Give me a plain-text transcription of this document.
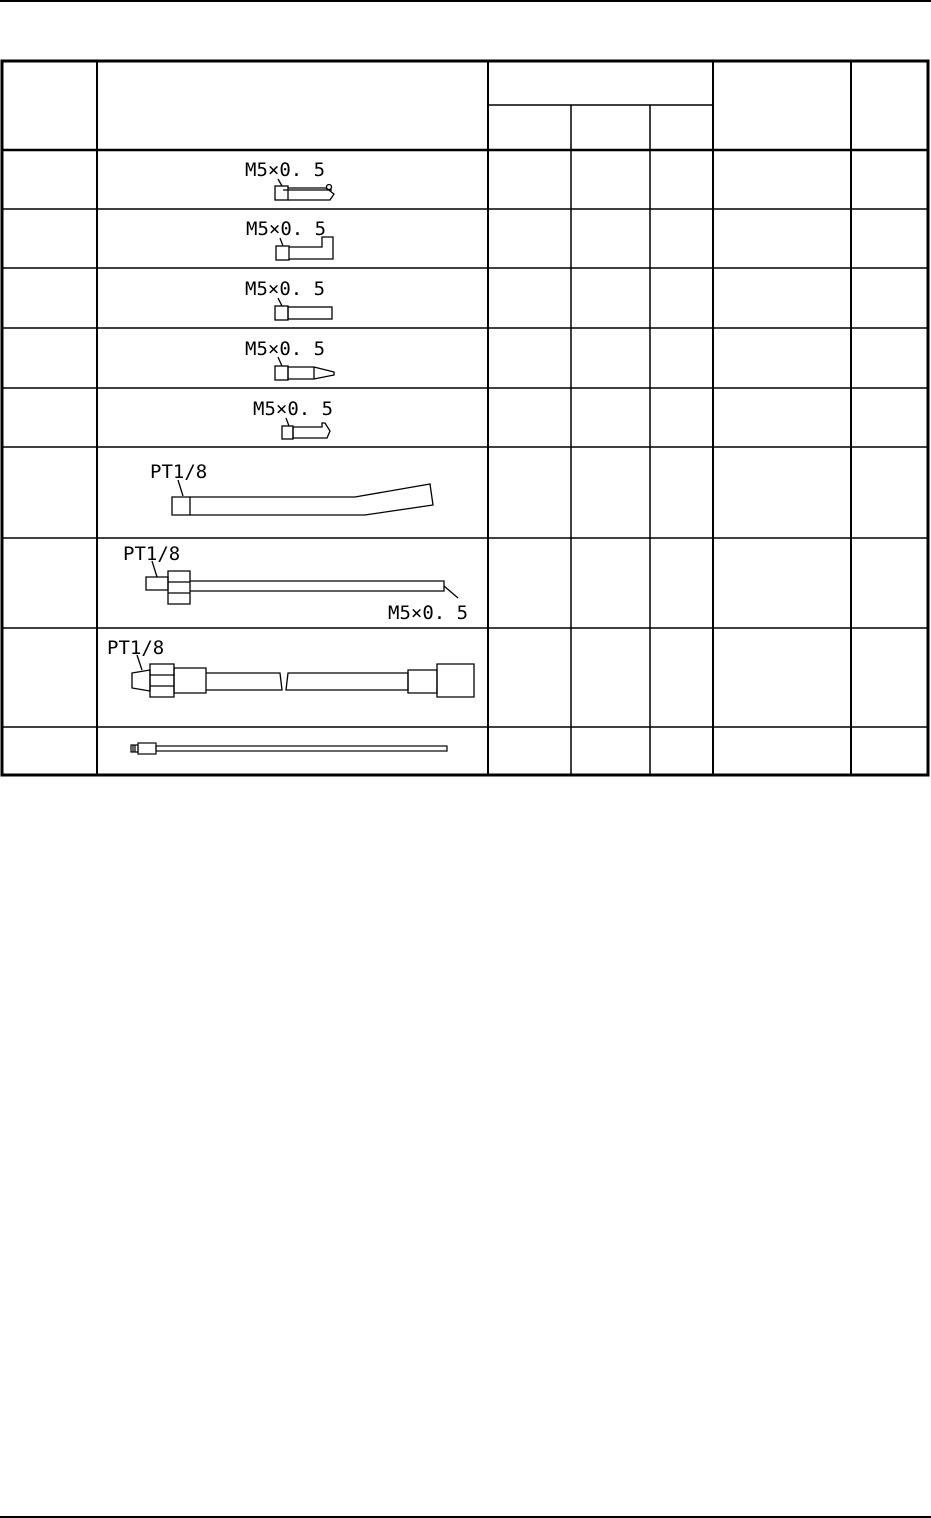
M5×0. 5
M5×0. 5
M5×0. 5
M5×0. 5
M5×0. 5
PT1/8
PT1/8
M5×0. 5
PT1/8
